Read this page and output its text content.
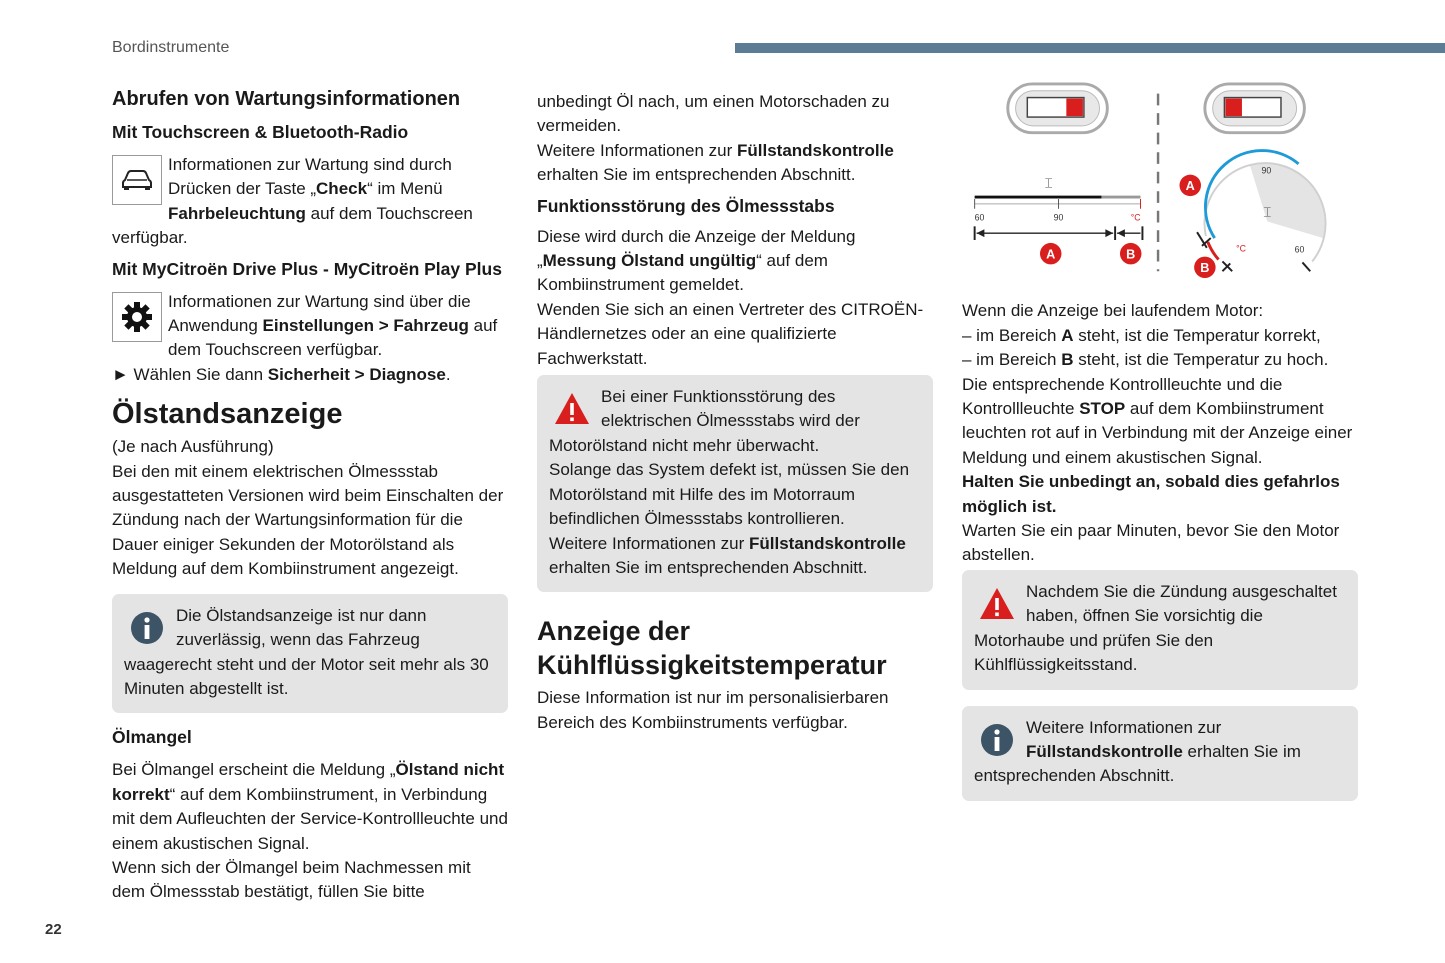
Bordinstrumente
22
Abrufen von Wartungsinformationen
Mit Touchscreen & Bluetooth-Radio

Informationen zur Wartung sind durch Drücken der Taste „Check“ im Menü Fahrbeleuchtung auf dem Touchscreen verfügbar.

Mit MyCitroën Drive Plus - MyCitroën Play Plus

Informationen zur Wartung sind über die Anwendung Einstellungen > Fahrzeug auf dem Touchscreen verfügbar.

► Wählen Sie dann Sicherheit > Diagnose.

Ölstandsanzeige

(Je nach Ausführung)
Bei den mit einem elektrischen Ölmessstab ausgestatteten Versionen wird beim Einschalten der Zündung nach der Wartungsinformation für die Dauer einiger Sekunden der Motorölstand als Meldung auf dem Kombiinstrument angezeigt.

Die Ölstandsanzeige ist nur dann zuverlässig, wenn das Fahrzeug waagerecht steht und der Motor seit mehr als 30 Minuten abgestellt ist.

Ölmangel

Bei Ölmangel erscheint die Meldung „Ölstand nicht korrekt“ auf dem Kombiinstrument, in Verbindung mit dem Aufleuchten der Service-Kontrollleuchte und einem akustischen Signal.
Wenn sich der Ölmangel beim Nachmessen mit dem Ölmessstab bestätigt, füllen Sie bitte

unbedingt Öl nach, um einen Motorschaden zu vermeiden.

Weitere Informationen zur Füllstandskontrolle erhalten Sie im entsprechenden Abschnitt.

Funktionsstörung des Ölmessstabs

Diese wird durch die Anzeige der Meldung „Messung Ölstand ungültig“ auf dem Kombiinstrument gemeldet.
Wenden Sie sich an einen Vertreter des CITROËN-Händlernetzes oder an eine qualifizierte Fachwerkstatt.

Bei einer Funktionsstörung des elektrischen Ölmessstabs wird der Motorölstand nicht mehr überwacht.
Solange das System defekt ist, müssen Sie den Motorölstand mit Hilfe des im Motorraum befindlichen Ölmessstabs kontrollieren.
Weitere Informationen zur Füllstandskontrolle erhalten Sie im entsprechenden Abschnitt.

Anzeige der
Kühlflüssigkeitstemperatur

Diese Information ist nur im personalisierbaren Bereich des Kombiinstruments verfügbar.

⌶
60	90	°C
A	B
90
60
°C
⌶
A
B

Wenn die Anzeige bei laufendem Motor:

– im Bereich A steht, ist die Temperatur korrekt,

– im Bereich B steht, ist die Temperatur zu hoch.

Die entsprechende Kontrollleuchte und die Kontrollleuchte STOP auf dem Kombiinstrument leuchten rot auf in Verbindung mit der Anzeige einer Meldung und einem akustischen Signal.

Halten Sie unbedingt an, sobald dies gefahrlos möglich ist.

Warten Sie ein paar Minuten, bevor Sie den Motor abstellen.

Nachdem Sie die Zündung ausgeschaltet haben, öffnen Sie vorsichtig die Motorhaube und prüfen Sie den Kühlflüssigkeitsstand.

Weitere Informationen zur Füllstandskontrolle erhalten Sie im entsprechenden Abschnitt.
